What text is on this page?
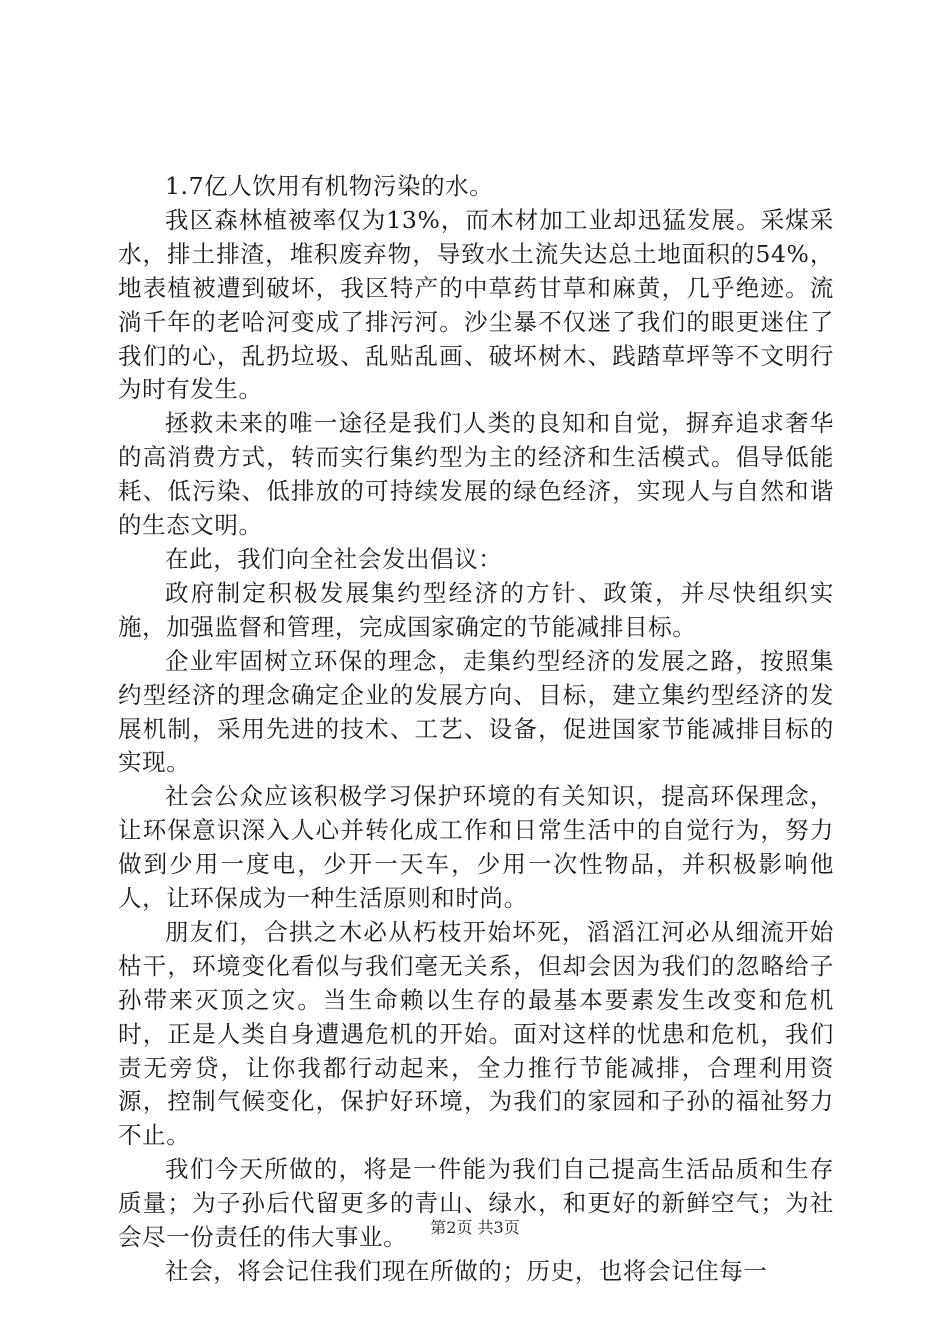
1.7亿人饮用有机物污染的水。

我区森林植被率仅为13%，而木材加工业却迅猛发展。采煤采水，排土排渣，堆积废弃物，导致水土流失达总土地面积的54%，地表植被遭到破坏，我区特产的中草药甘草和麻黄，几乎绝迹。流淌千年的老哈河变成了排污河。沙尘暴不仅迷了我们的眼更迷住了我们的心，乱扔垃圾、乱贴乱画、破坏树木、践踏草坪等不文明行为时有发生。

拯救未来的唯一途径是我们人类的良知和自觉，摒弃追求奢华的高消费方式，转而实行集约型为主的经济和生活模式。倡导低能耗、低污染、低排放的可持续发展的绿色经济，实现人与自然和谐的生态文明。

在此，我们向全社会发出倡议：

政府制定积极发展集约型经济的方针、政策，并尽快组织实施，加强监督和管理，完成国家确定的节能减排目标。

企业牢固树立环保的理念，走集约型经济的发展之路，按照集约型经济的理念确定企业的发展方向、目标，建立集约型经济的发展机制，采用先进的技术、工艺、设备，促进国家节能减排目标的实现。

社会公众应该积极学习保护环境的有关知识，提高环保理念，让环保意识深入人心并转化成工作和日常生活中的自觉行为，努力做到少用一度电，少开一天车，少用一次性物品，并积极影响他人，让环保成为一种生活原则和时尚。

朋友们，合拱之木必从朽枝开始坏死，滔滔江河必从细流开始枯干，环境变化看似与我们毫无关系，但却会因为我们的忽略给子孙带来灭顶之灾。当生命赖以生存的最基本要素发生改变和危机时，正是人类自身遭遇危机的开始。面对这样的忧患和危机，我们责无旁贷，让你我都行动起来，全力推行节能减排，合理利用资源，控制气候变化，保护好环境，为我们的家园和子孙的福祉努力不止。

我们今天所做的，将是一件能为我们自己提高生活品质和生存质量；为子孙后代留更多的青山、绿水，和更好的新鲜空气；为社会尽一份责任的伟大事业。

社会，将会记住我们现在所做的；历史，也将会记住每一

第2页 共3页
